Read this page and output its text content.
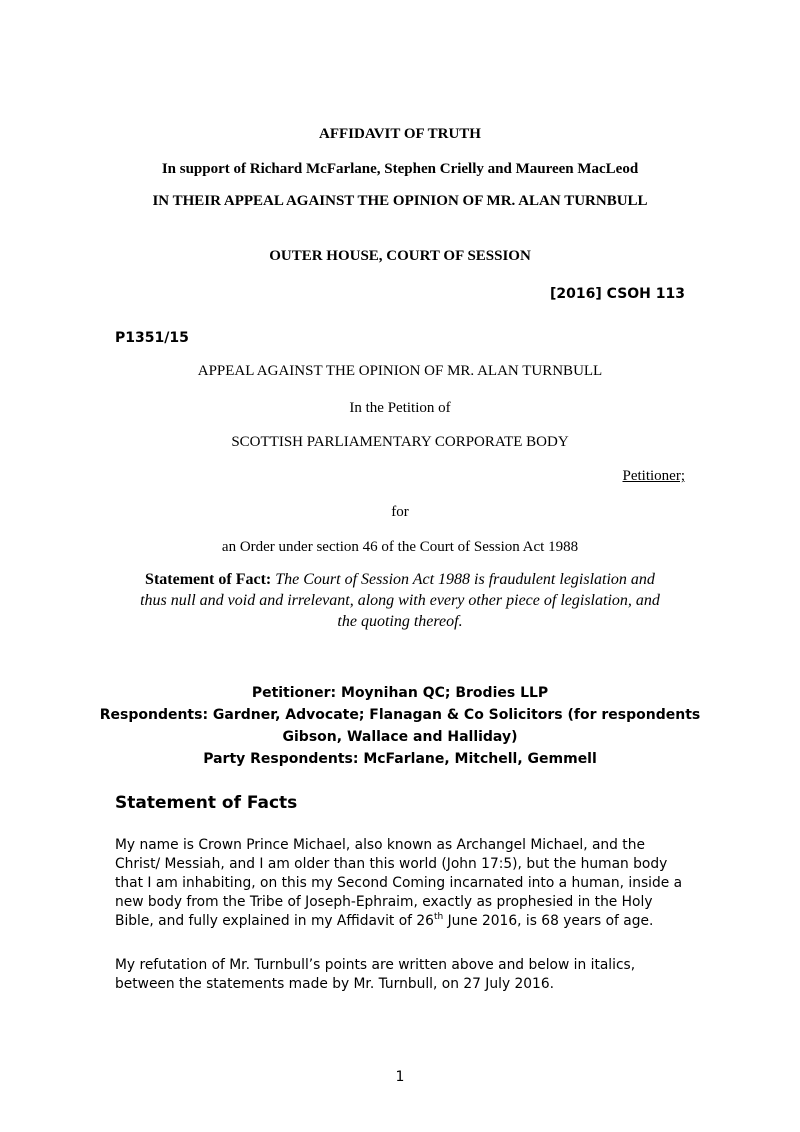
AFFIDAVIT OF TRUTH
In support of Richard McFarlane, Stephen Crielly and Maureen MacLeod
IN THEIR APPEAL AGAINST THE OPINION OF MR. ALAN TURNBULL
OUTER HOUSE, COURT OF SESSION
[2016] CSOH 113
P1351/15
APPEAL AGAINST THE OPINION OF MR. ALAN TURNBULL
In the Petition of
SCOTTISH PARLIAMENTARY CORPORATE BODY
Petitioner;
for
an Order under section 46 of the Court of Session Act 1988
Statement of Fact: The Court of Session Act 1988 is fraudulent legislation and
thus null and void and irrelevant, along with every other piece of legislation, and
the quoting thereof.
Petitioner: Moynihan QC; Brodies LLP
Respondents: Gardner, Advocate; Flanagan & Co Solicitors (for respondents
Gibson, Wallace and Halliday)
Party Respondents: McFarlane, Mitchell, Gemmell
Statement of Facts
My name is Crown Prince Michael, also known as Archangel Michael, and the
Christ/ Messiah, and I am older than this world (John 17:5), but the human body
that I am inhabiting, on this my Second Coming incarnated into a human, inside a
new body from the Tribe of Joseph-Ephraim, exactly as prophesied in the Holy
Bible, and fully explained in my Affidavit of 26th June 2016, is 68 years of age.
My refutation of Mr. Turnbull’s points are written above and below in italics,
between the statements made by Mr. Turnbull, on 27 July 2016.
1
